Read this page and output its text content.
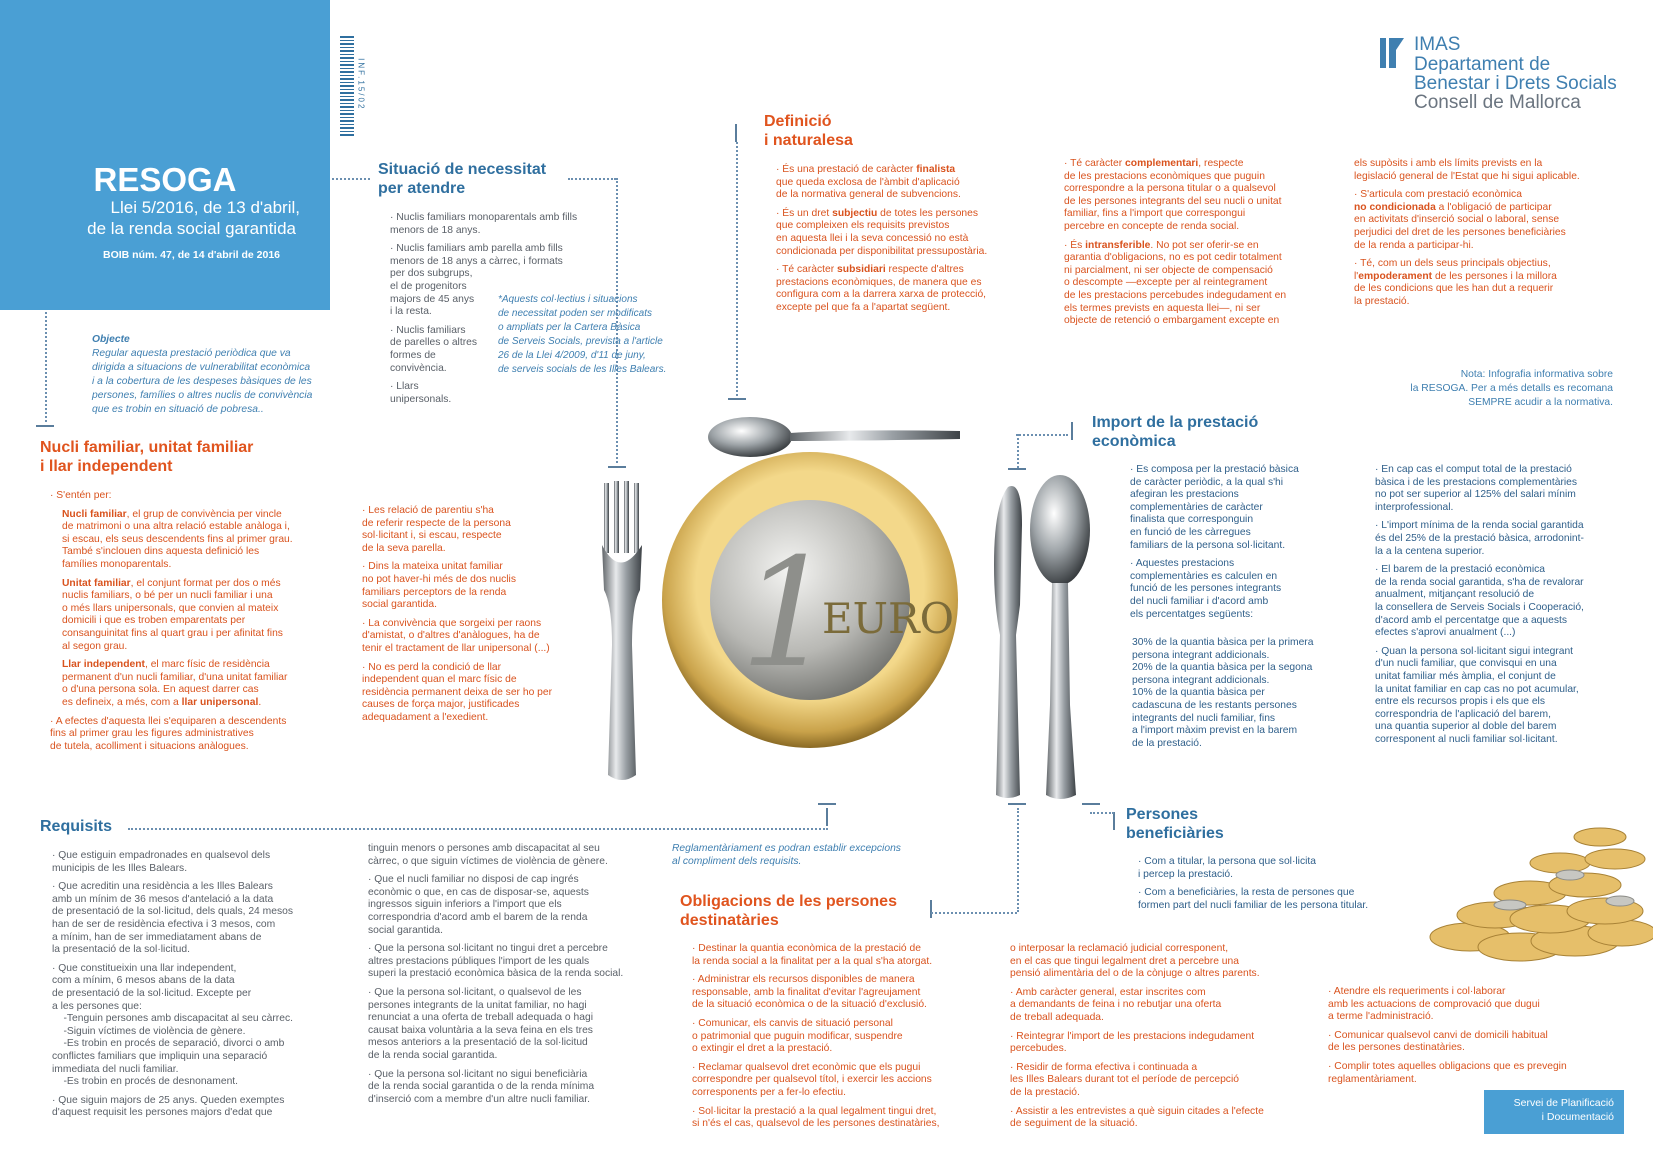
RESOGA
Llei 5/2016, de 13 d'abril,
de la renda social garantida
BOIB núm. 47, de 14 d'abril de 2016
INF.15/02
IMAS
Departament de
Benestar i Drets Socials
Consell de Mallorca
Objecte
Regular aquesta prestació periòdica que va
dirigida a situacions de vulnerabilitat econòmica
i a la cobertura de les despeses bàsiques de les
persones, famílies o altres nuclis de convivència
que es trobin en situació de pobresa..
Situació de necessitat
per atendre
· Nuclis familiars monoparentals amb fills
menors de 18 anys.
· Nuclis familiars amb parella amb fills
menors de 18 anys a càrrec, i formats
per dos subgrups,
el de progenitors
majors de 45 anys
i la resta.
· Nuclis familiars
de parelles o altres
formes de
convivència.
· Llars
unipersonals.
*Aquests col·lectius i situacions
de necessitat poden ser modificats
o ampliats per la Cartera Bàsica
de Serveis Socials, prevista a l'article
26 de la Llei 4/2009, d'11 de juny,
de serveis socials de les Illes Balears.
Definició
i naturalesa
· És una prestació de caràcter finalista
que queda exclosa de l'àmbit d'aplicació
de la normativa general de subvencions.
· És un dret subjectiu de totes les persones
que compleixen els requisits previstos
en aquesta llei i la seva concessió no està
condicionada per disponibilitat pressupostària.
· Té caràcter subsidiari respecte d'altres
prestacions econòmiques, de manera que es
configura com a la darrera xarxa de protecció,
excepte pel que fa a l'apartat següent.
· Té caràcter complementari, respecte
de les prestacions econòmiques que puguin
correspondre a la persona titular o a qualsevol
de les persones integrants del seu nucli o unitat
familiar, fins a l'import que correspongui
percebre en concepte de renda social.
· És intransferible. No pot ser oferir-se en
garantia d'obligacions, no es pot cedir totalment
ni parcialment, ni ser objecte de compensació
o descompte —excepte per al reintegrament
de les prestacions percebudes indegudament en
els termes prevists en aquesta llei—, ni ser
objecte de retenció o embargament excepte en
els supòsits i amb els límits prevists en la
legislació general de l'Estat que hi sigui aplicable.
· S'articula com prestació econòmica
no condicionada a l'obligació de participar
en activitats d'inserció social o laboral, sense
perjudici del dret de les persones beneficiàries
de la renda a participar-hi.
· Té, com un dels seus principals objectius,
l'empoderament de les persones i la millora
de les condicions que les han dut a requerir
la prestació.
Nota: Infografia informativa sobre
la RESOGA. Per a més detalls es recomana
SEMPRE acudir a la normativa.
Nucli familiar, unitat familiar
i llar independent
· S'entén per:
Nucli familiar, el grup de convivència per vincle
de matrimoni o una altra relació estable anàloga i,
si escau, els seus descendents fins al primer grau.
També s'inclouen dins aquesta definició les
famílies monoparentals.
Unitat familiar, el conjunt format per dos o més
nuclis familiars, o bé per un nucli familiar i una
o més llars unipersonals, que convien al mateix
domicili i que es troben emparentats per
consanguinitat fins al quart grau i per afinitat fins
al segon grau.
Llar independent, el marc físic de residència
permanent d'un nucli familiar, d'una unitat familiar
o d'una persona sola. En aquest darrer cas
es defineix, a més, com a llar unipersonal.
· A efectes d'aquesta llei s'equiparen a descendents
fins al primer grau les figures administratives
de tutela, acolliment i situacions anàlogues.
· Les relació de parentiu s'ha
de referir respecte de la persona
sol·licitant i, si escau, respecte
de la seva parella.
· Dins la mateixa unitat familiar
no pot haver-hi més de dos nuclis
familiars perceptors de la renda
social garantida.
· La convivència que sorgeixi per raons
d'amistat, o d'altres d'anàlogues, ha de
tenir el tractament de llar unipersonal (...)
· No es perd la condició de llar
independent quan el marc físic de
residència permanent deixa de ser ho per
causes de força major, justificades
adequadament a l'exedient.
1
EURO
Import de la prestació
econòmica
· Es composa per la prestació bàsica
de caràcter periòdic, a la qual s'hi
afegiran les prestacions
complementàries de caràcter
finalista que corresponguin
en funció de les càrregues
familiars de la persona sol·licitant.
· Aquestes prestacions
complementàries es calculen en
funció de les persones integrants
del nucli familiar i d'acord amb
els percentatges següents:
30% de la quantia bàsica per la primera
persona integrant addicionals.
20% de la quantia bàsica per la segona
persona integrant addicionals.
10% de la quantia bàsica per
cadascuna de les restants persones
integrants del nucli familiar, fins
a l'import màxim previst en la barem
de la prestació.
· En cap cas el comput total de la prestació
bàsica i de les prestacions complementàries
no pot ser superior al 125% del salari mínim
interprofessional.
· L'import mínima de la renda social garantida
és del 25% de la prestació bàsica, arrodonint-
la a la centena superior.
· El barem de la prestació econòmica
de la renda social garantida, s'ha de revalorar
anualment, mitjançant resolució de
la consellera de Serveis Socials i Cooperació,
d'acord amb el percentatge que a aquests
efectes s'aprovi anualment (...)
· Quan la persona sol·licitant sigui integrant
d'un nucli familiar, que convisqui en una
unitat familiar més àmplia, el conjunt de
la unitat familiar en cap cas no pot acumular,
entre els recursos propis i els que els
correspondria de l'aplicació del barem,
una quantia superior al doble del barem
corresponent al nucli familiar sol·licitant.
Requisits
· Que estiguin empadronades en qualsevol dels
municipis de les Illes Balears.
· Que acreditin una residència a les Illes Balears
amb un mínim de 36 mesos d'antelació a la data
de presentació de la sol·licitud, dels quals, 24 mesos
han de ser de residència efectiva i 3 mesos, com
a mínim, han de ser immediatament abans de
la presentació de la sol·licitud.
· Que constitueixin una llar independent,
com a mínim, 6 mesos abans de la data
de presentació de la sol·licitud. Excepte per
a les persones que:
-Tenguin persones amb discapacitat al seu càrrec.
-Siguin víctimes de violència de gènere.
-Es trobin en procés de separació, divorci o amb
conflictes familiars que impliquin una separació
immediata del nucli familiar.
-Es trobin en procés de desnonament.
· Que siguin majors de 25 anys. Queden exemptes
d'aquest requisit les persones majors d'edat que
tinguin menors o persones amb discapacitat al seu
càrrec, o que siguin víctimes de violència de gènere.
· Que el nucli familiar no disposi de cap ingrés
econòmic o que, en cas de disposar-se, aquests
ingressos siguin inferiors a l'import que els
correspondria d'acord amb el barem de la renda
social garantida.
· Que la persona sol·licitant no tingui dret a percebre
altres prestacions públiques l'import de les quals
superi la prestació econòmica bàsica de la renda social.
· Que la persona sol·licitant, o qualsevol de les
persones integrants de la unitat familiar, no hagi
renunciat a una oferta de treball adequada o hagi
causat baixa voluntària a la seva feina en els tres
mesos anteriors a la presentació de la sol·licitud
de la renda social garantida.
· Que la persona sol·licitant no sigui beneficiària
de la renda social garantida o de la renda mínima
d'inserció com a membre d'un altre nucli familiar.
Reglamentàriament es podran establir excepcions
al compliment dels requisits.
Obligacions de les persones
destinatàries
· Destinar la quantia econòmica de la prestació de
la renda social a la finalitat per a la qual s'ha atorgat.
· Administrar els recursos disponibles de manera
responsable, amb la finalitat d'evitar l'agreujament
de la situació econòmica o de la situació d'exclusió.
· Comunicar, els canvis de situació personal
o patrimonial que puguin modificar, suspendre
o extingir el dret a la prestació.
· Reclamar qualsevol dret econòmic que els pugui
correspondre per qualsevol títol, i exercir les accions
corresponents per a fer-lo efectiu.
· Sol·licitar la prestació a la qual legalment tingui dret,
si n'és el cas, qualsevol de les persones destinatàries,
o interposar la reclamació judicial corresponent,
en el cas que tingui legalment dret a percebre una
pensió alimentària del o de la cònjuge o altres parents.
· Amb caràcter general, estar inscrites com
a demandants de feina i no rebutjar una oferta
de treball adequada.
· Reintegrar l'import de les prestacions indegudament
percebudes.
· Residir de forma efectiva i continuada a
les Illes Balears durant tot el període de percepció
de la prestació.
· Assistir a les entrevistes a què siguin citades a l'efecte
de seguiment de la situació.
· Atendre els requeriments i col·laborar
amb les actuacions de comprovació que dugui
a terme l'administració.
· Comunicar qualsevol canvi de domicili habitual
de les persones destinatàries.
· Complir totes aquelles obligacions que es prevegin
reglamentàriament.
Persones
beneficiàries
· Com a titular, la persona que sol·licita
i percep la prestació.
· Com a beneficiàries, la resta de persones que
formen part del nucli familiar de les persona titular.
Servei de Planificació
i Documentació
